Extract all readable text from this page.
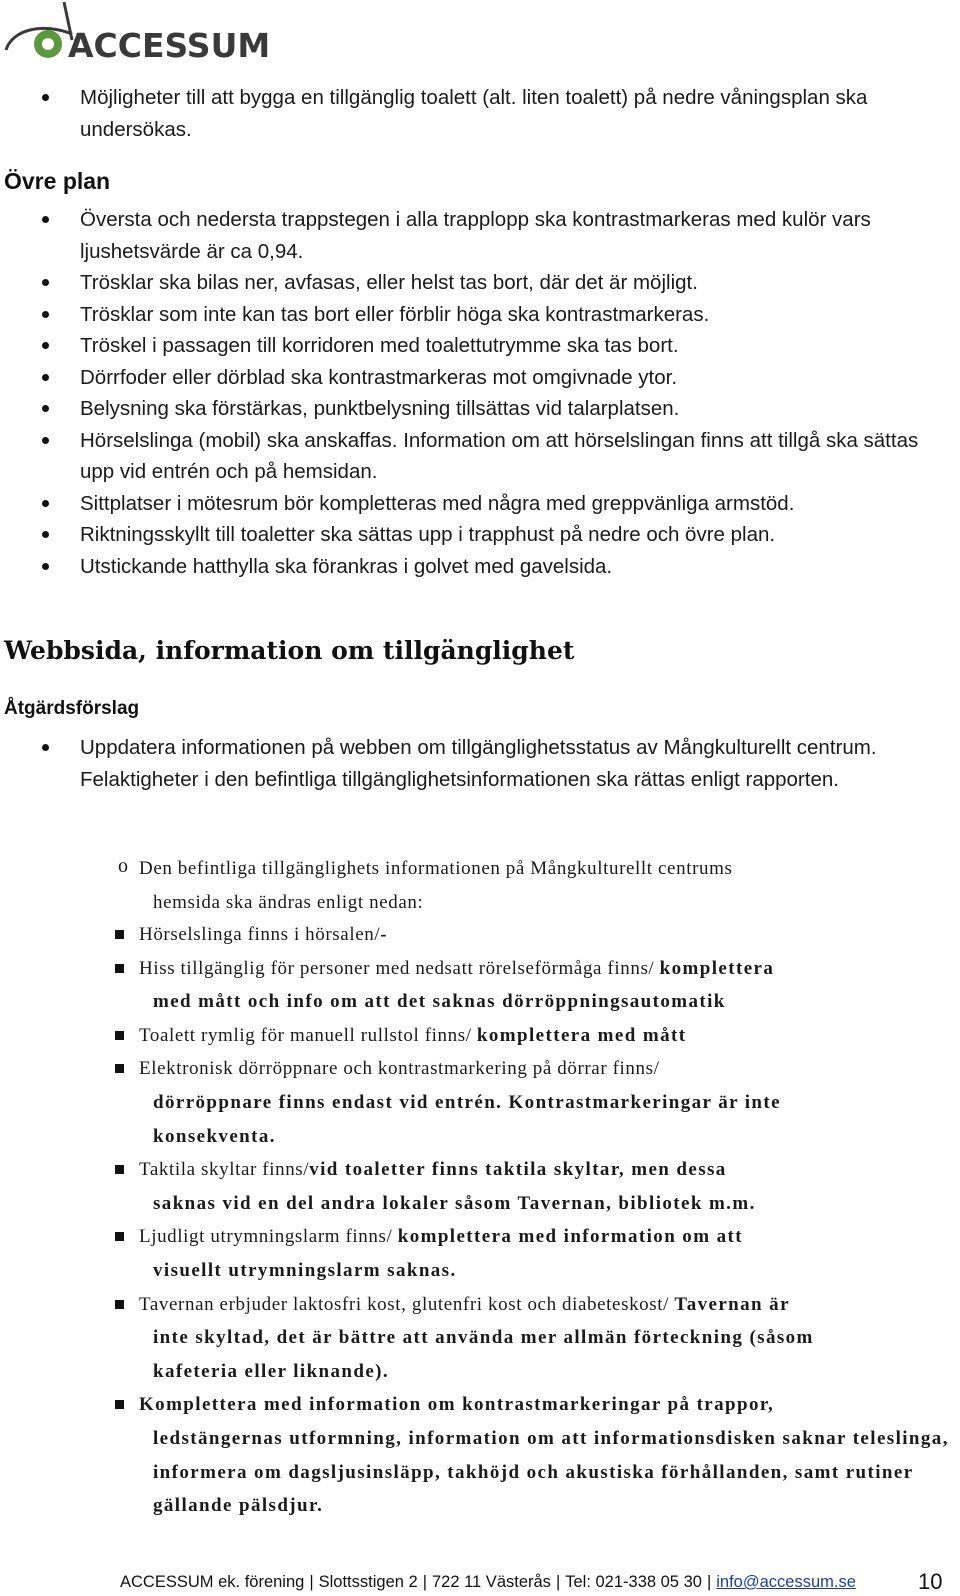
ACCESSUM
Möjligheter till att bygga en tillgänglig toalett (alt. liten toalett) på nedre våningsplan ska undersökas.
Övre plan
Översta och nedersta trappstegen i alla trapplopp ska kontrastmarkeras med kulör vars ljushetsvärde är ca 0,94.
Trösklar ska bilas ner, avfasas, eller helst tas bort, där det är möjligt.
Trösklar som inte kan tas bort eller förblir höga ska kontrastmarkeras.
Tröskel i passagen till korridoren med toalettutrymme ska tas bort.
Dörrfoder eller dörblad ska kontrastmarkeras mot omgivnade ytor.
Belysning ska förstärkas, punktbelysning tillsättas vid talarplatsen.
Hörselslinga (mobil) ska anskaffas. Information om att hörselslingan finns att tillgå ska sättas upp vid entrén och på hemsidan.
Sittplatser i mötesrum bör kompletteras med några med greppvänliga armstöd.
Riktningsskyllt till toaletter ska sättas upp i trapphust på nedre och övre plan.
Utstickande hatthylla ska förankras i golvet med gavelsida.
Webbsida, information om tillgänglighet
Åtgärdsförslag
Uppdatera informationen på webben om tillgänglighetsstatus av Mångkulturellt centrum. Felaktigheter i den befintliga tillgänglighetsinformationen ska rättas enligt rapporten.
o Den befintliga tillgänglighets informationen på Mångkulturellt centrums
hemsida ska ändras enligt nedan:
Hörselslinga finns i hörsalen/-
Hiss tillgänglig för personer med nedsatt rörelseförmåga finns/ komplettera
med mått och info om att det saknas dörröppningsautomatik
Toalett rymlig för manuell rullstol finns/ komplettera med mått
Elektronisk dörröppnare och kontrastmarkering på dörrar finns/
dörröppnare finns endast vid entrén. Kontrastmarkeringar är inte konsekventa.
Taktila skyltar finns/vid toaletter finns taktila skyltar, men dessa
saknas vid en del andra lokaler såsom Tavernan, bibliotek m.m.
Ljudligt utrymningslarm finns/ komplettera med information om att
visuellt utrymningslarm saknas.
Tavernan erbjuder laktosfri kost, glutenfri kost och diabeteskost/ Tavernan är
inte skyltad, det är bättre att använda mer allmän förteckning (såsom kafeteria eller liknande).
Komplettera med information om kontrastmarkeringar på trappor,
ledstängernas utformning, information om att informationsdisken saknar teleslinga, informera om dagsljusinsläpp, takhöjd och akustiska förhållanden, samt rutiner gällande pälsdjur.
ACCESSUM ek. förening | Slottsstigen 2 | 722 11 Västerås | Tel: 021-338 05 30 | info@accessum.se	10
